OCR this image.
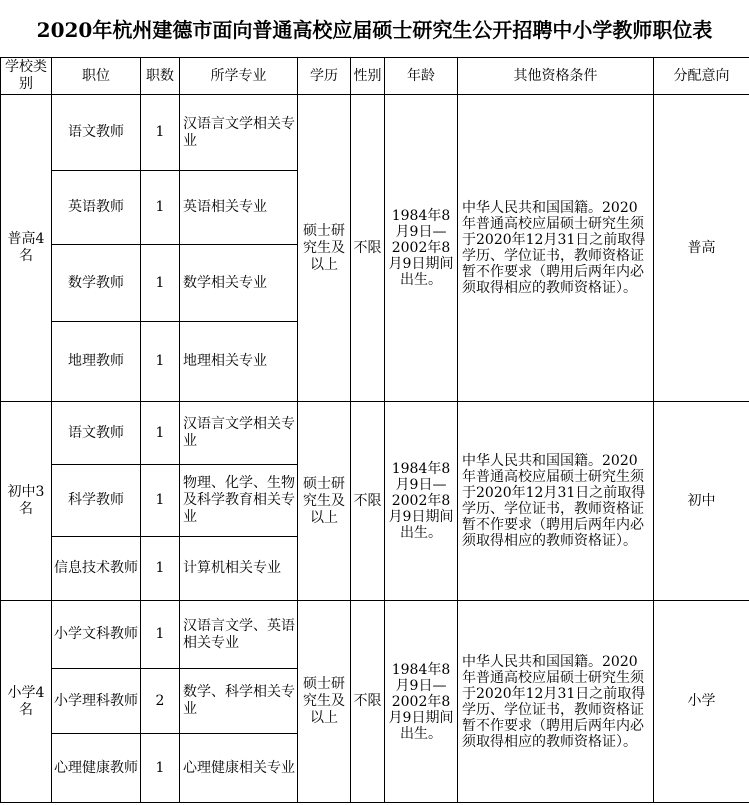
2020年杭州建德市面向普通高校应届硕士研究生公开招聘中小学教师职位表
学校类别	职位	职数	所学专业	学历	性别	年龄	其他资格条件	分配意向
普高4名	语文教师	1	汉语言文学相关专业	硕士研究生及以上	不限	1984年8月9日—2002年8月9日期间出生。	中华人民共和国国籍。2020年普通高校应届硕士研究生须于2020年12月31日之前取得学历、学位证书，教师资格证暂不作要求（聘用后两年内必须取得相应的教师资格证）。	普高
	英语教师	1	英语相关专业					
	数学教师	1	数学相关专业					
	地理教师	1	地理相关专业					
初中3名	语文教师	1	汉语言文学相关专业	硕士研究生及以上	不限	1984年8月9日—2002年8月9日期间出生。	中华人民共和国国籍。2020年普通高校应届硕士研究生须于2020年12月31日之前取得学历、学位证书，教师资格证暂不作要求（聘用后两年内必须取得相应的教师资格证）。	初中
	科学教师	1	物理、化学、生物及科学教育相关专业					
	信息技术教师	1	计算机相关专业					
小学4名	小学文科教师	1	汉语言文学、英语相关专业	硕士研究生及以上	不限	1984年8月9日—2002年8月9日期间出生。	中华人民共和国国籍。2020年普通高校应届硕士研究生须于2020年12月31日之前取得学历、学位证书，教师资格证暂不作要求（聘用后两年内必须取得相应的教师资格证）。	小学
	小学理科教师	2	数学、科学相关专业					
	心理健康教师	1	心理健康相关专业					
